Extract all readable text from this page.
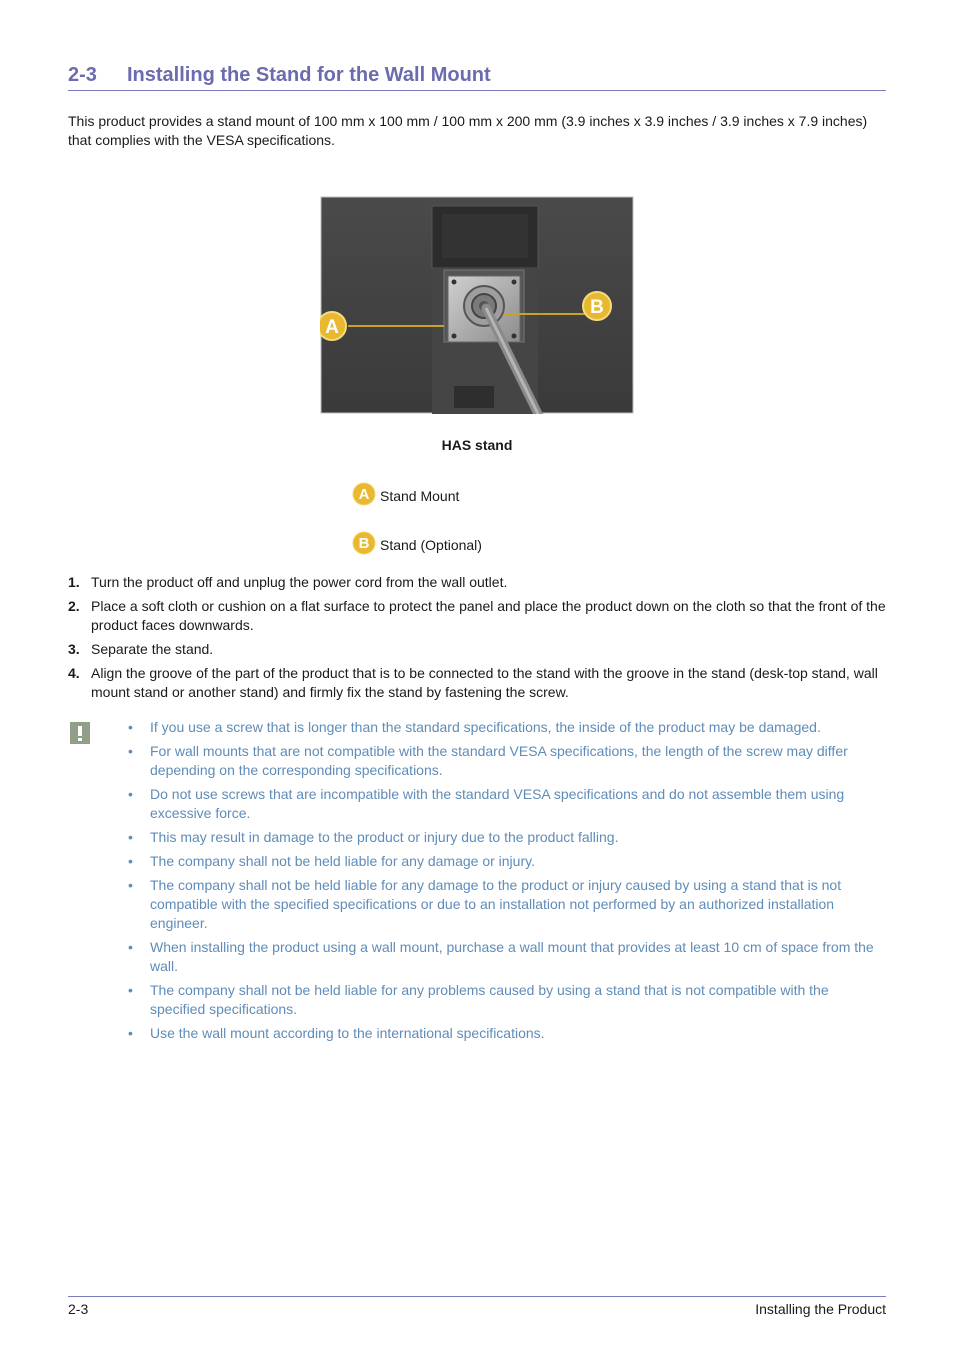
2-3 Installing the Stand for the Wall Mount
This product provides a stand mount of 100 mm x 100 mm / 100 mm x 200 mm (3.9 inches x 3.9 inches / 3.9 inches x 7.9 inches) that complies with the VESA specifications.
A
B
HAS stand
A Stand Mount
B Stand (Optional)
1. Turn the product off and unplug the power cord from the wall outlet.
2. Place a soft cloth or cushion on a flat surface to protect the panel and place the product down on the cloth so that the front of the product faces downwards.
3. Separate the stand.
4. Align the groove of the part of the product that is to be connected to the stand with the groove in the stand (desk-top stand, wall mount stand or another stand) and firmly fix the stand by fastening the screw.
• If you use a screw that is longer than the standard specifications, the inside of the product may be damaged.
• For wall mounts that are not compatible with the standard VESA specifications, the length of the screw may differ depending on the corresponding specifications.
• Do not use screws that are incompatible with the standard VESA specifications and do not assemble them using excessive force.
• This may result in damage to the product or injury due to the product falling.
• The company shall not be held liable for any damage or injury.
• The company shall not be held liable for any damage to the product or injury caused by using a stand that is not compatible with the specified specifications or due to an installation not performed by an authorized installation engineer.
• When installing the product using a wall mount, purchase a wall mount that provides at least 10 cm of space from the wall.
• The company shall not be held liable for any problems caused by using a stand that is not compatible with the specified specifications.
• Use the wall mount according to the international specifications.
2-3	Installing the Product
